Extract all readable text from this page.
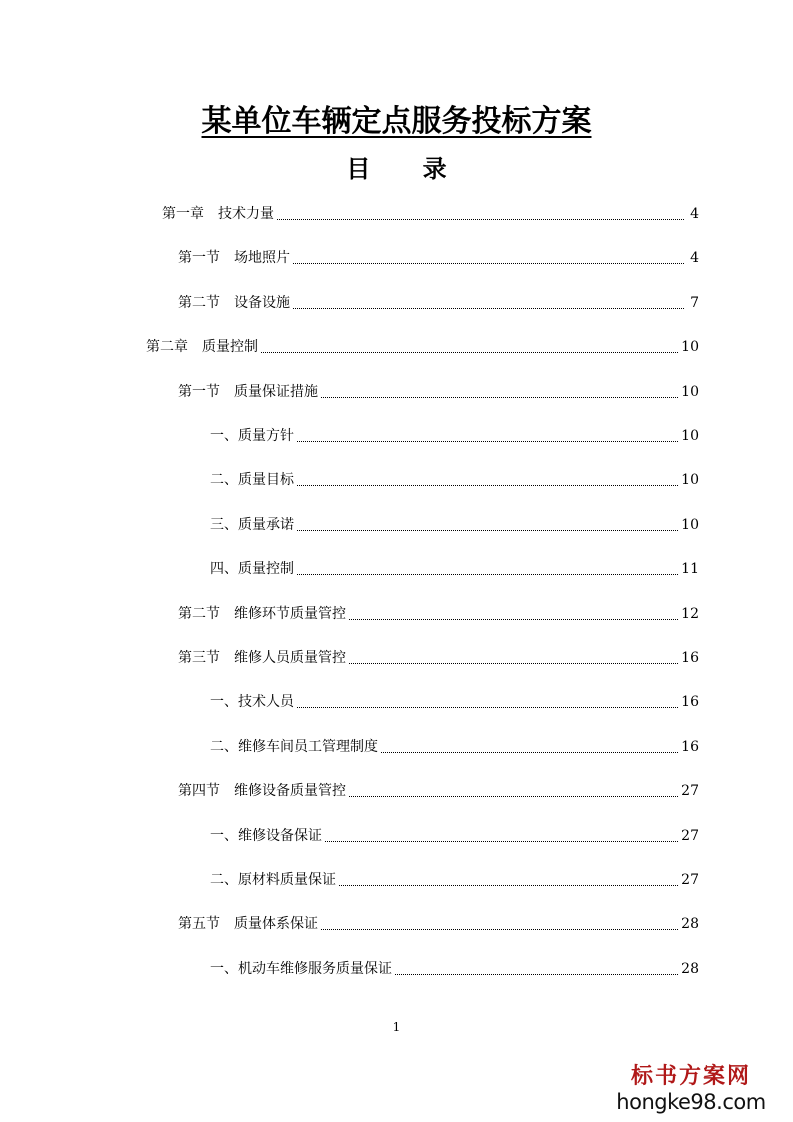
某单位车辆定点服务投标方案
目 录
第一章　技术力量	4
第一节　场地照片	4
第二节　设备设施	7
第二章　质量控制	10
第一节　质量保证措施	10
一、质量方针	10
二、质量目标	10
三、质量承诺	10
四、质量控制	11
第二节　维修环节质量管控	12
第三节　维修人员质量管控	16
一、技术人员	16
二、维修车间员工管理制度	16
第四节　维修设备质量管控	27
一、维修设备保证	27
二、原材料质量保证	27
第五节　质量体系保证	28
一、机动车维修服务质量保证	28
1
标书方案网
hongke98.com
